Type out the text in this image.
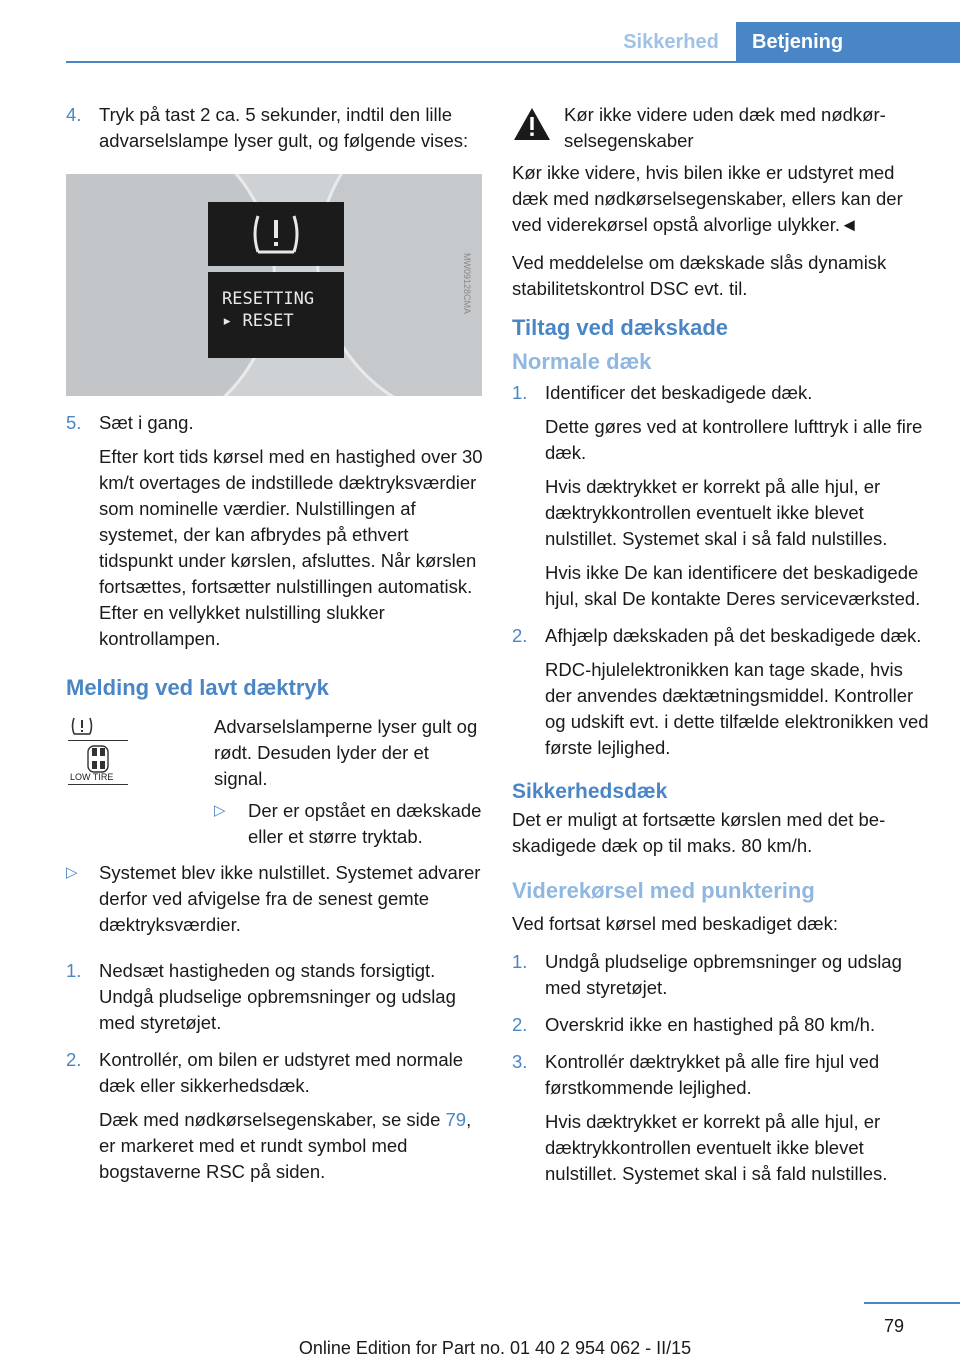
Sikkerhed	Betjening
4. Tryk på tast 2 ca. 5 sekunder, indtil den lille advarselslampe lyser gult, og følgende vises:

RESETTING
▸ RESET
MW09128CMA
5. Sæt i gang.

Efter kort tids kørsel med en hastighed over 30 km/t overtages de indstillede dæktryksværdier som nominelle værdier. Nulstillingen af systemet, der kan afbrydes på ethvert tidspunkt under kørslen, afsluttes. Når kørslen fortsættes, fortsætter nulstillingen automatisk. Efter en vellykket nulstilling slukker kontrollampen.

Melding ved lavt dæktryk
LOW TIRE

Advarselslamperne lyser gult og rødt. Desuden lyder der et signal.

▷ Der er opstået en dækskade eller et større tryktab.

▷ Systemet blev ikke nulstillet. Systemet advarer derfor ved afvigelse fra de senest gemte dæktryksværdier.

1. Nedsæt hastigheden og stands forsigtigt. Undgå pludselige opbremsninger og udslag med styretøjet.

2. Kontrollér, om bilen er udstyret med normale dæk eller sikkerhedsdæk.

Dæk med nødkørselsegenskaber, se side 79, er markeret med et rundt symbol med bogstaverne RSC på siden.

Kør ikke videre uden dæk med nødkørselsegenskaber

Kør ikke videre, hvis bilen ikke er udstyret med dæk med nødkørselsegenskaber, ellers kan der ved viderekørsel opstå alvorlige ulykker.◄

Ved meddelelse om dækskade slås dynamisk stabilitetskontrol DSC evt. til.

Tiltag ved dækskade
Normale dæk
1. Identificer det beskadigede dæk.

Dette gøres ved at kontrollere lufttryk i alle fire dæk.

Hvis dæktrykket er korrekt på alle hjul, er dæktrykkontrollen eventuelt ikke blevet nulstillet. Systemet skal i så fald nulstilles.

Hvis ikke De kan identificere det beskadigede hjul, skal De kontakte Deres serviceværksted.

2. Afhjælp dækskaden på det beskadigede dæk.

RDC-hjulelektronikken kan tage skade, hvis der anvendes dæktætningsmiddel. Kontroller og udskift evt. i dette tilfælde elektronikken ved første lejlighed.

Sikkerhedsdæk

Det er muligt at fortsætte kørslen med det beskadigede dæk op til maks. 80 km/h.

Viderekørsel med punktering

Ved fortsat kørsel med beskadiget dæk:

1. Undgå pludselige opbremsninger og udslag med styretøjet.

2. Overskrid ikke en hastighed på 80 km/h.

3. Kontrollér dæktrykket på alle fire hjul ved førstkommende lejlighed.

Hvis dæktrykket er korrekt på alle hjul, er dæktrykkontrollen eventuelt ikke blevet nulstillet. Systemet skal i så fald nulstilles.

79
Online Edition for Part no. 01 40 2 954 062 - II/15
